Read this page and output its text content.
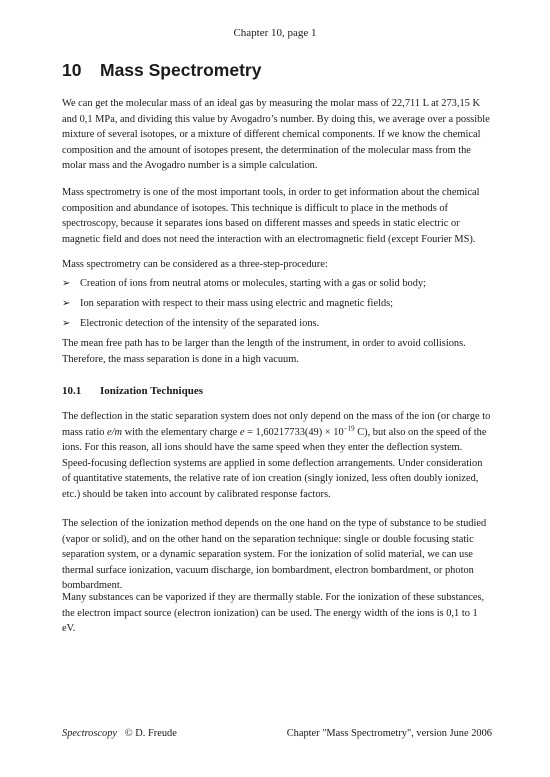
Chapter 10, page 1
10 Mass Spectrometry

We can get the molecular mass of an ideal gas by measuring the molar mass of 22,711 L at 273,15 K and 0,1 MPa, and dividing this value by Avogadro’s number. By doing this, we average over a possible mixture of several isotopes, or a mixture of different chemical components. If we know the chemical composition and the amount of isotopes present, the determination of the molecular mass from the molar mass and the Avogadro number is a simple calculation.

Mass spectrometry is one of the most important tools, in order to get information about the chemical composition and abundance of isotopes. This technique is difficult to place in the methods of spectroscopy, because it separates ions based on different masses and speeds in static electric or magnetic field and does not need the interaction with an electromagnetic field (except Fourier MS).

Mass spectrometry can be considered as a three-step-procedure:

➢ Creation of ions from neutral atoms or molecules, starting with a gas or solid body;
➢ Ion separation with respect to their mass using electric and magnetic fields;
➢ Electronic detection of the intensity of the separated ions.

The mean free path has to be larger than the length of the instrument, in order to avoid collisions. Therefore, the mass separation is done in a high vacuum.

10.1 Ionization Techniques

The deflection in the static separation system does not only depend on the mass of the ion (or charge to mass ratio e/m with the elementary charge $e = 1,60217733(49) \times 10^{-19}$ C), but also on the speed of the ions. For this reason, all ions should have the same speed when they enter the deflection system. Speed-focusing deflection systems are applied in some deflection arrangements. Under consideration of quantitative statements, the relative rate of ion creation (singly ionized, less often doubly ionized, etc.) should be taken into account by calibrated response factors.

The selection of the ionization method depends on the one hand on the type of substance to be studied (vapor or solid), and on the other hand on the separation technique: single or double focusing static separation system, or a dynamic separation system. For the ionization of solid material, we can use thermal surface ionization, vacuum discharge, ion bombardment, electron bombardment, or photon bombardment.

Many substances can be vaporized if they are thermally stable. For the ionization of these substances, the electron impact source (electron ionization) can be used. The energy width of the ions is 0,1 to 1 eV.

Spectroscopy   © D. Freude	Chapter "Mass Spectrometry", version June 2006
